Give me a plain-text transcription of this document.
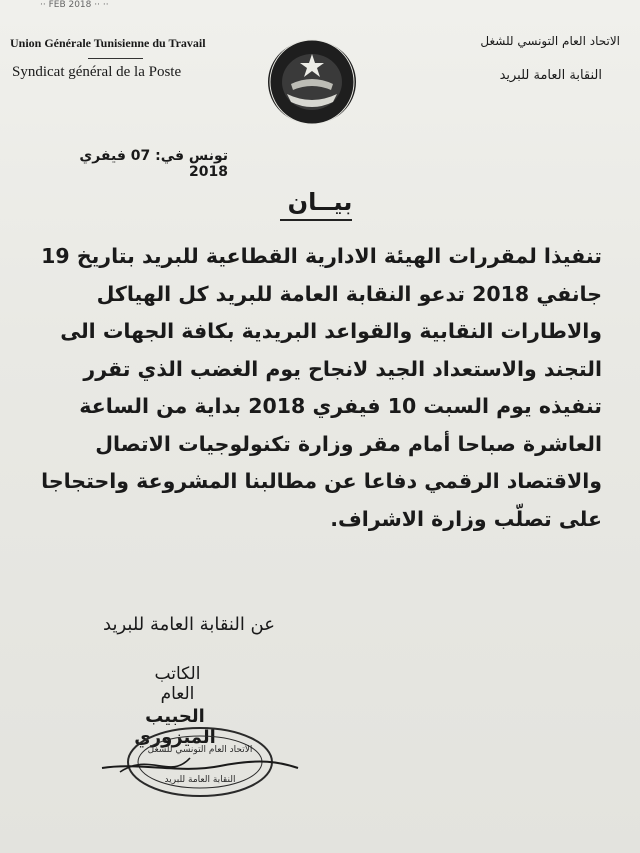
·· FEB 2018 ·· ··
Union Générale Tunisienne du Travail
Syndicat général de la Poste
الاتحاد العام التونسي للشغل
النقابة العامة للبريد
تونس في: 07 فيفري 2018
بيــان
تنفيذا لمقررات الهيئة الادارية القطاعية للبريد بتاريخ 19
جانفي 2018 تدعو النقابة العامة للبريد كل الهياكل
والاطارات النقابية والقواعد البريدية بكافة الجهات الى
التجند والاستعداد الجيد لانجاح يوم الغضب الذي تقرر
تنفيذه يوم السبت 10 فيفري 2018 بداية من الساعة
العاشرة صباحا أمام مقر وزارة تكنولوجيات الاتصال
والاقتصاد الرقمي دفاعا عن مطالبنا المشروعة واحتجاجا
على تصلّب وزارة الاشراف.
عن النقابة العامة للبريد
الكاتب العام
الحبيب الميزوري
الاتحاد العام التونسي للشغل
النقابة العامة للبريد
